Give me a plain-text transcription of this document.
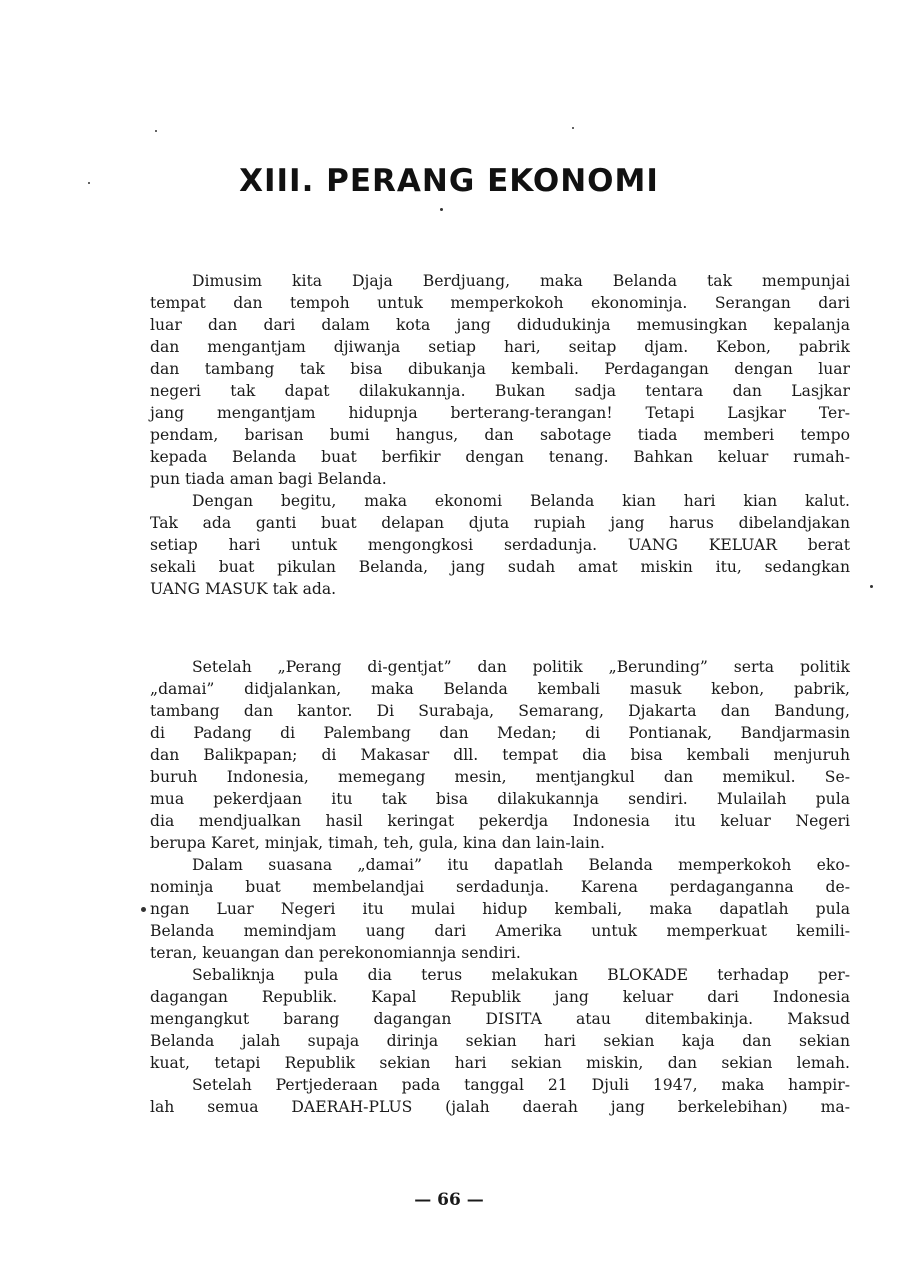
XIII. PERANG EKONOMI
Dimusim kita Djaja Berdjuang, maka Belanda tak mempunjai
tempat dan tempoh untuk memperkokoh ekonominja. Serangan dari
luar dan dari dalam kota jang didudukinja memusingkan kepalanja
dan mengantjam djiwanja setiap hari, seitap djam. Kebon, pabrik
dan tambang tak bisa dibukanja kembali. Perdagangan dengan luar
negeri tak dapat dilakukannja. Bukan sadja tentara dan Lasjkar
jang mengantjam hidupnja berterang-terangan! Tetapi Lasjkar Ter-
pendam, barisan bumi hangus, dan sabotage tiada memberi tempo
kepada Belanda buat berfikir dengan tenang. Bahkan keluar rumah-
pun tiada aman bagi Belanda.
Dengan begitu, maka ekonomi Belanda kian hari kian kalut.
Tak ada ganti buat delapan djuta rupiah jang harus dibelandjakan
setiap hari untuk mengongkosi serdadunja. UANG KELUAR berat
sekali buat pikulan Belanda, jang sudah amat miskin itu, sedangkan
UANG MASUK tak ada.
Setelah „Perang di-gentjat” dan politik „Berunding” serta politik
„damai” didjalankan, maka Belanda kembali masuk kebon, pabrik,
tambang dan kantor. Di Surabaja, Semarang, Djakarta dan Bandung,
di Padang di Palembang dan Medan; di Pontianak, Bandjarmasin
dan Balikpapan; di Makasar dll. tempat dia bisa kembali menjuruh
buruh Indonesia, memegang mesin, mentjangkul dan memikul. Se-
mua pekerdjaan itu tak bisa dilakukannja sendiri. Mulailah pula
dia mendjualkan hasil keringat pekerdja Indonesia itu keluar Negeri
berupa Karet, minjak, timah, teh, gula, kina dan lain-lain.
Dalam suasana „damai” itu dapatlah Belanda memperkokoh eko-
nominja buat membelandjai serdadunja. Karena perdaganganna de-
ngan Luar Negeri itu mulai hidup kembali, maka dapatlah pula
Belanda memindjam uang dari Amerika untuk memperkuat kemili-
teran, keuangan dan perekonomiannja sendiri.
Sebaliknja pula dia terus melakukan BLOKADE terhadap per-
dagangan Republik. Kapal Republik jang keluar dari Indonesia
mengangkut barang dagangan DISITA atau ditembakinja. Maksud
Belanda jalah supaja dirinja sekian hari sekian kaja dan sekian
kuat, tetapi Republik sekian hari sekian miskin, dan sekian lemah.
Setelah Pertjederaan pada tanggal 21 Djuli 1947, maka hampir-
lah semua DAERAH-PLUS (jalah daerah jang berkelebihan) ma-
— 66 —
